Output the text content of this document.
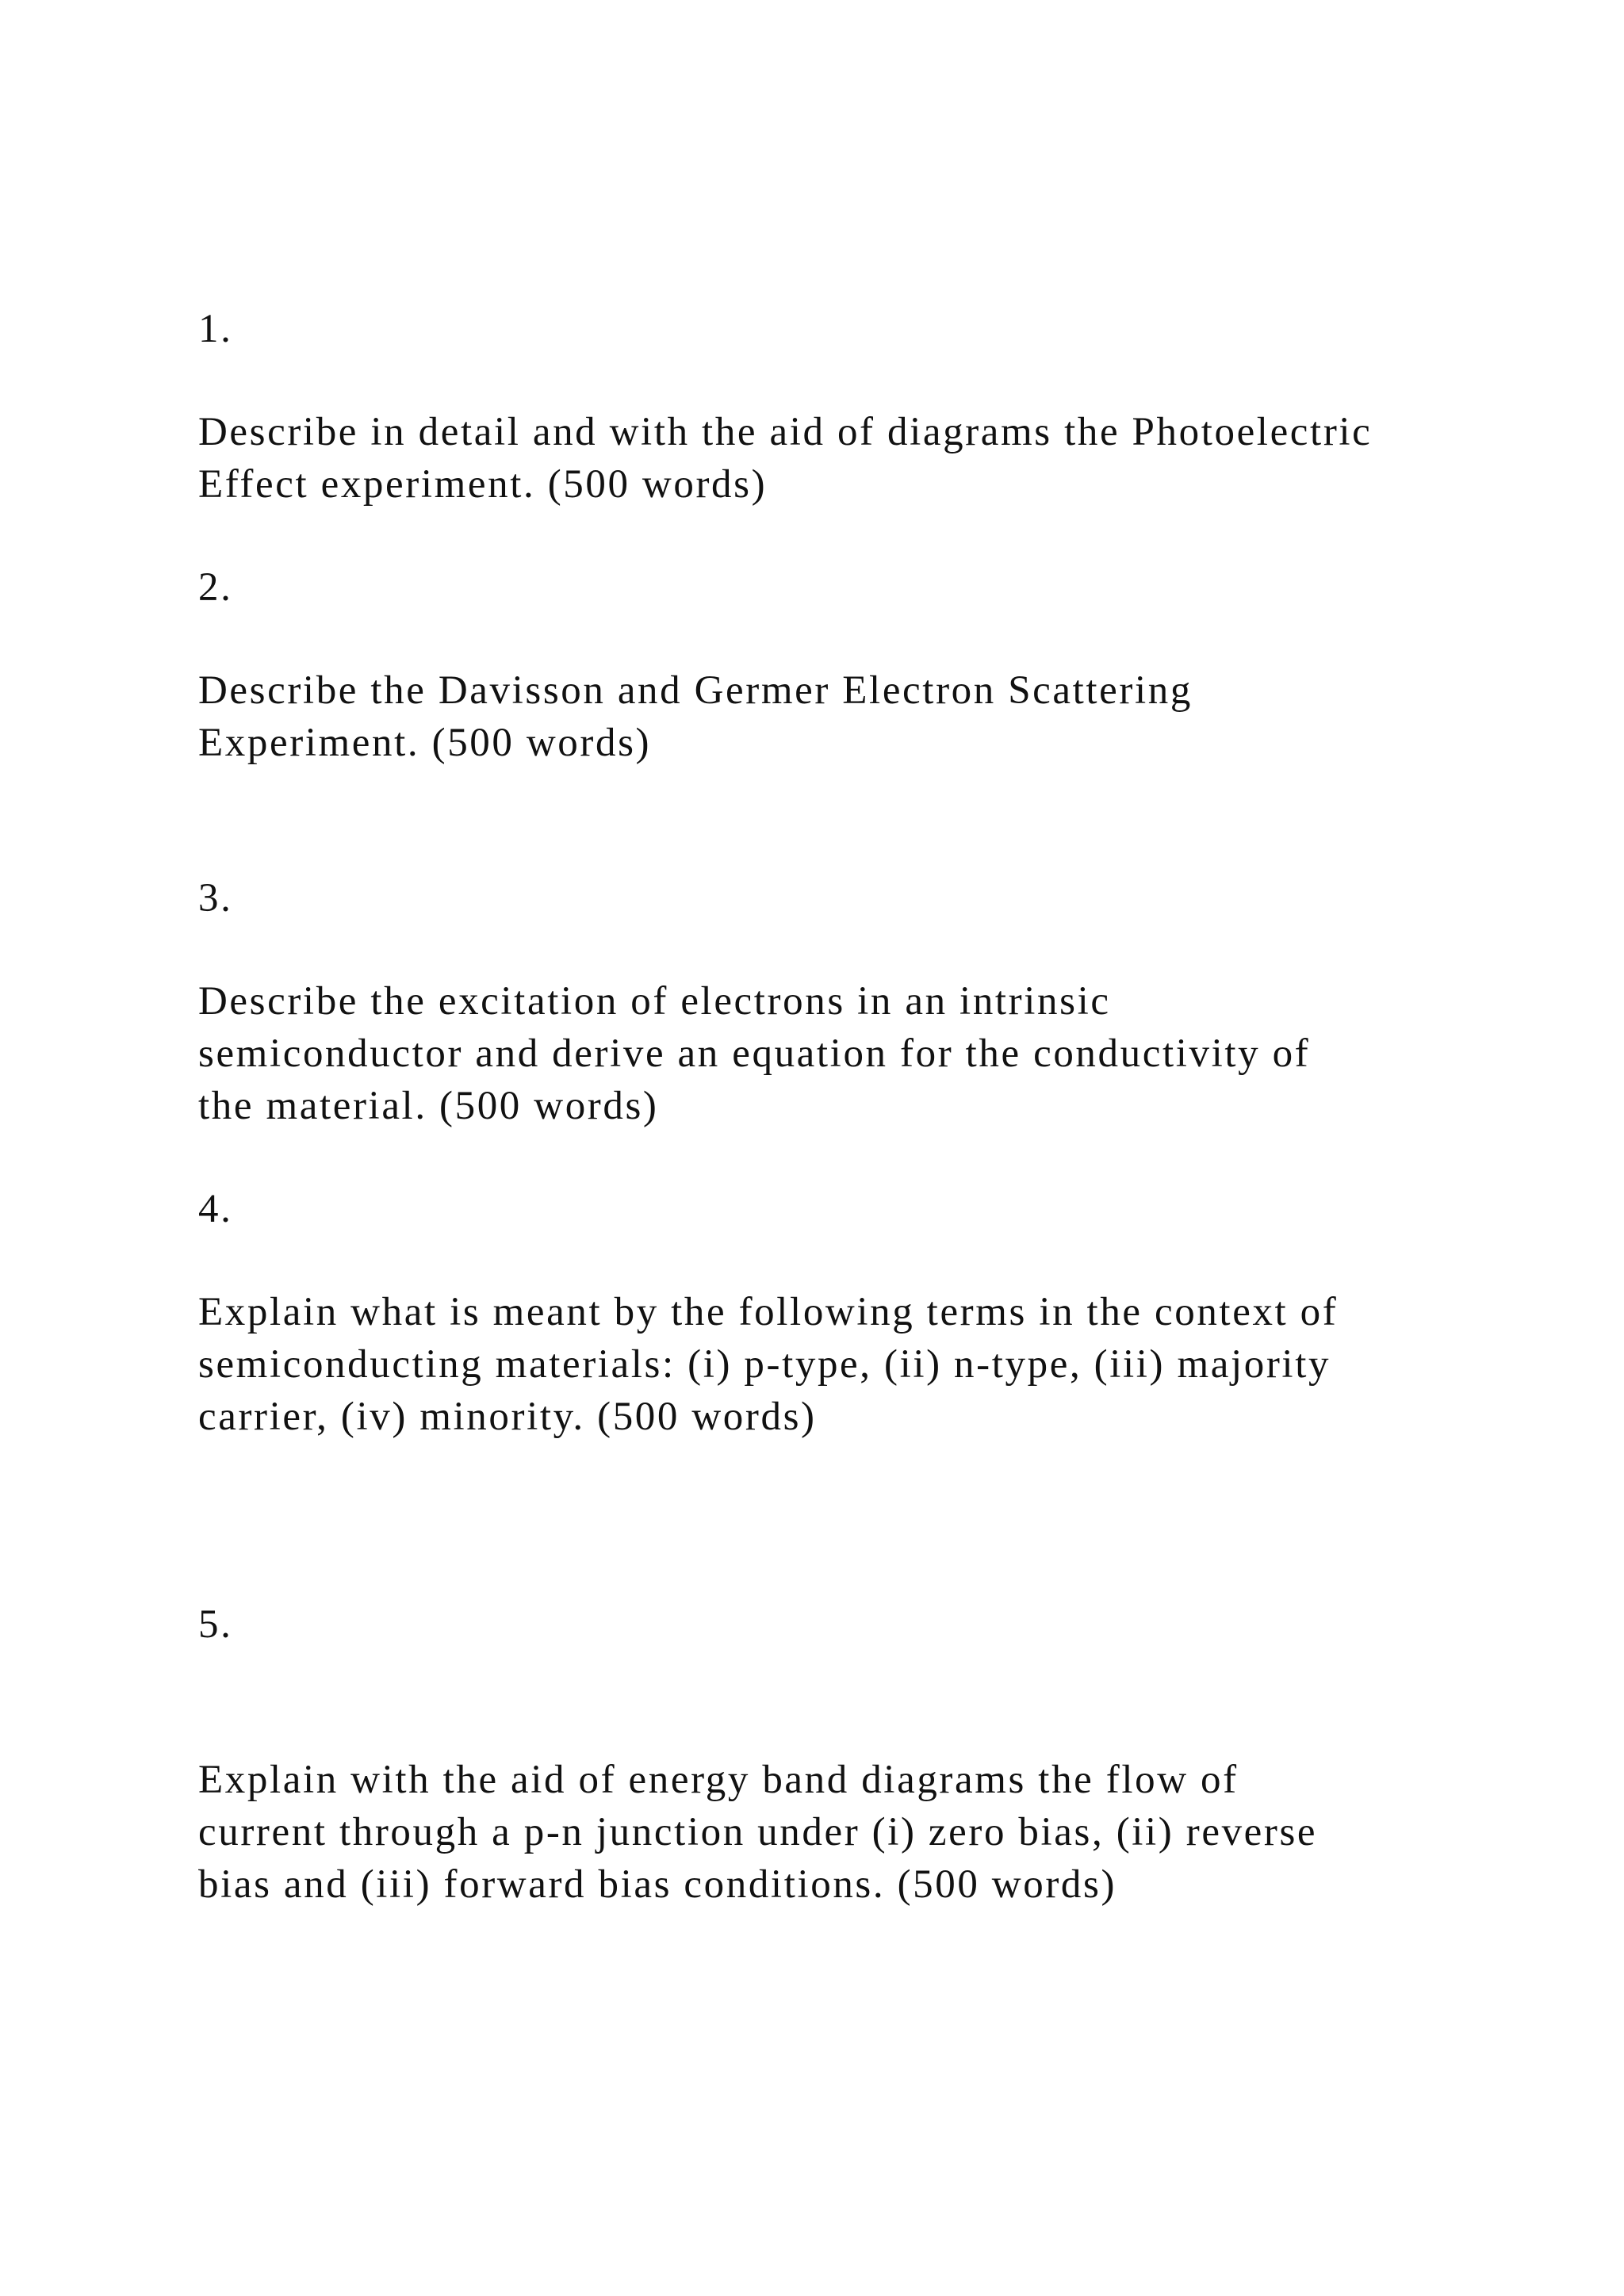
1.

Describe in detail and with the aid of diagrams the Photoelectric

Effect experiment. (500 words)

2.

Describe the Davisson and Germer Electron Scattering

Experiment. (500 words)

3.

Describe the excitation of electrons in an intrinsic

semiconductor and derive an equation for the conductivity of

the material. (500 words)

4.

Explain what is meant by the following terms in the context of

semiconducting materials: (i) p-type, (ii) n-type, (iii) majority

carrier, (iv) minority. (500 words)

5.

Explain with the aid of energy band diagrams the flow of

current through a p-n junction under (i) zero bias, (ii) reverse

bias and (iii) forward bias conditions. (500 words)
